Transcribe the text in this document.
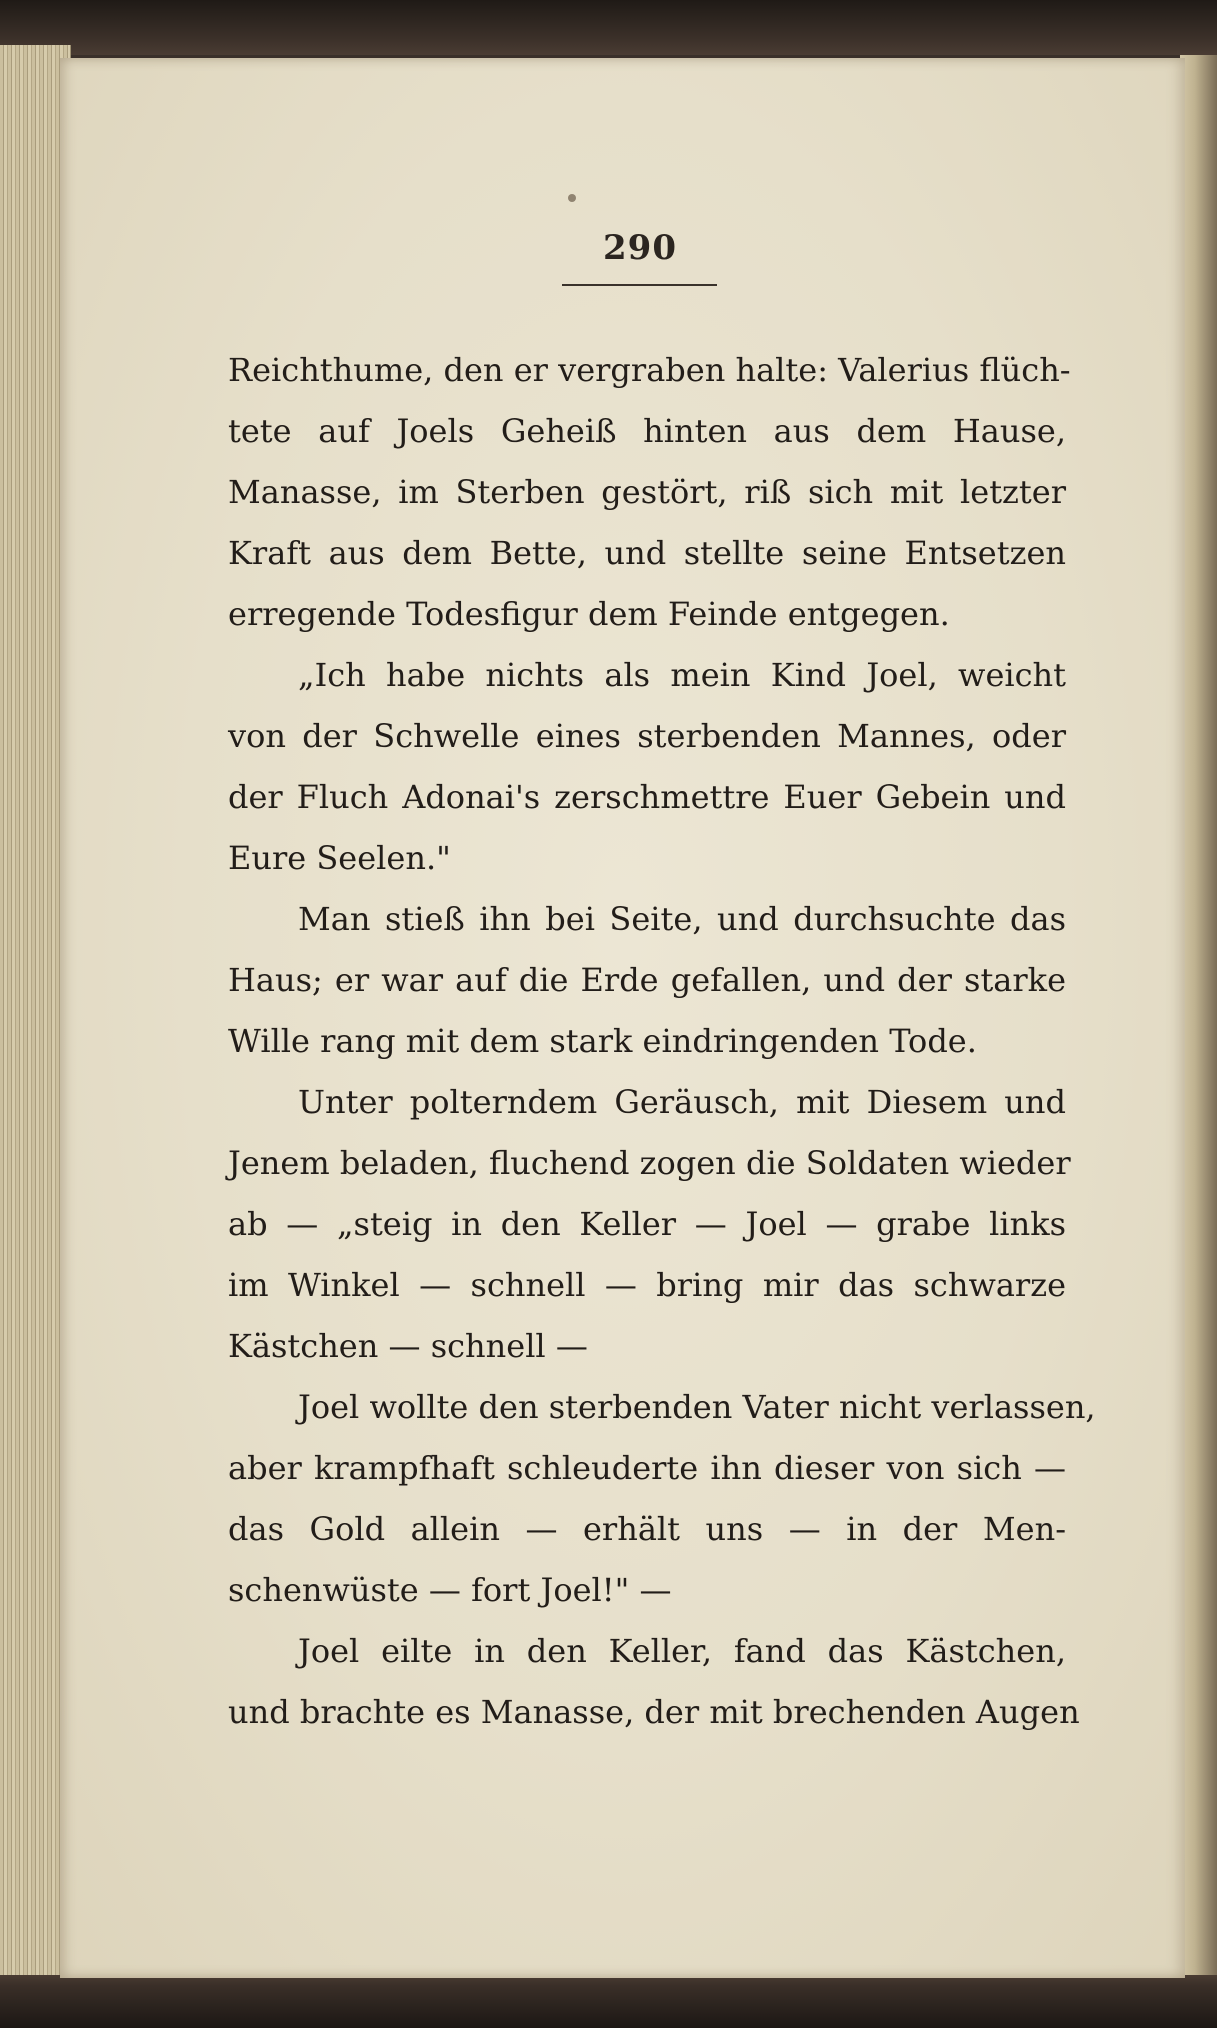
290
Reichthume, den er vergraben halte: Valerius flüch-
tete auf Joels Geheiß hinten aus dem Hause,
Manasse, im Sterben gestört, riß sich mit letzter
Kraft aus dem Bette, und stellte seine Entsetzen
erregende Todesfigur dem Feinde entgegen.
„Ich habe nichts als mein Kind Joel, weicht
von der Schwelle eines sterbenden Mannes, oder
der Fluch Adonai's zerschmettre Euer Gebein und
Eure Seelen."
Man stieß ihn bei Seite, und durchsuchte das
Haus; er war auf die Erde gefallen, und der starke
Wille rang mit dem stark eindringenden Tode.
Unter polterndem Geräusch, mit Diesem und
Jenem beladen, fluchend zogen die Soldaten wieder
ab — „steig in den Keller — Joel — grabe links
im Winkel — schnell — bring mir das schwarze
Kästchen — schnell —
Joel wollte den sterbenden Vater nicht verlassen,
aber krampfhaft schleuderte ihn dieser von sich —
das Gold allein — erhält uns — in der Men-
schenwüste — fort Joel!" —
Joel eilte in den Keller, fand das Kästchen,
und brachte es Manasse, der mit brechenden Augen
